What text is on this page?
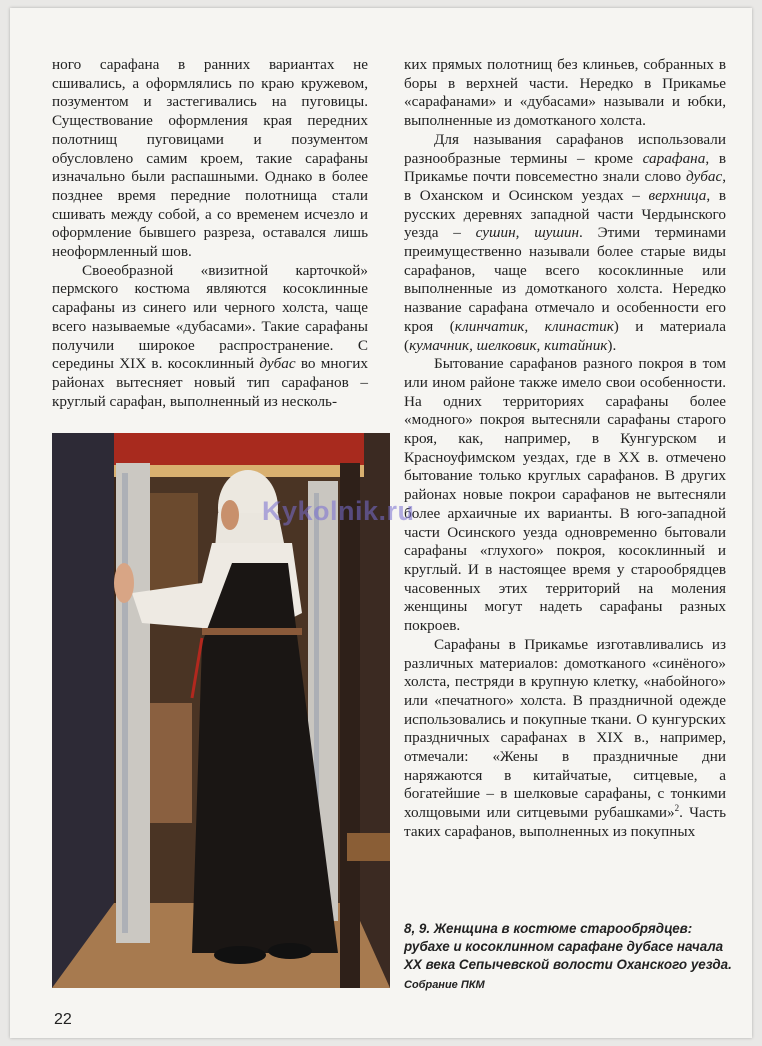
ного сарафана в ранних вариантах не сшивались, а оформлялись по краю кружевом, позументом и застегивались на пуговицы. Существование оформления края передних полотнищ пуговицами и позументом обусловлено самим кроем, такие сарафаны изначально были распашными. Однако в более позднее время передние полотнища стали сшивать между собой, а со временем исчезло и оформление бывшего разреза, оставался лишь неоформленный шов.

Своеобразной «визитной карточкой» пермского костюма являются косоклинные сарафаны из синего или черного холста, чаще всего называемые «дубасами». Такие сарафаны получили широкое распространение. С середины XIX в. косоклинный дубас во многих районах вытесняет новый тип сарафанов – круглый сарафан, выполненный из несколь-

ких прямых полотнищ без клиньев, собранных в боры в верхней части. Нередко в Прикамье «сарафанами» и «дубасами» называли и юбки, выполненные из домотканого холста.

Для называния сарафанов использовали разнообразные термины – кроме сарафана, в Прикамье почти повсеместно знали слово дубас, в Оханском и Осинском уездах – верхница, в русских деревнях западной части Чердынского уезда – сушин, шушин. Этими терминами преимущественно называли более старые виды сарафанов, чаще всего косоклинные или выполненные из домотканого холста. Нередко название сарафана отмечало и особенности его кроя (клинчатик, клинастик) и материала (кумачник, шелковик, китайник).

Бытование сарафанов разного покроя в том или ином районе также имело свои особенности. На одних территориях сарафаны более «модного» покроя вытесняли сарафаны старого кроя, как, например, в Кунгурском и Красноуфимском уездах, где в XX в. отмечено бытование только круглых сарафанов. В других районах новые покрои сарафанов не вытесняли более архаичные их варианты. В юго-западной части Осинского уезда одновременно бытовали сарафаны «глухого» покроя, косоклинный и круглый. И в настоящее время у старообрядцев часовенных этих территорий на моления женщины могут надеть сарафаны разных покроев.

Сарафаны в Прикамье изготавливались из различных материалов: домотканого «синёного» холста, пестряди в крупную клетку, «набойного» или «печатного» холста. В праздничной одежде использовались и покупные ткани. О кунгурских праздничных сарафанах в XIX в., например, отмечали: «Жены в праздничные дни наряжаются в китайчатые, ситцевые, а богатейшие – в шелковые сарафаны, с тонкими холщовыми или ситцевыми рубашками»$^2$. Часть таких сарафанов, выполненных из покупных

8, 9. Женщина в костюме старообрядцев: рубахе и косоклинном сарафане дубасе начала XX века Сепычевской волости Оханского уезда. Собрание ПКМ
22
Kykolnik.ru
